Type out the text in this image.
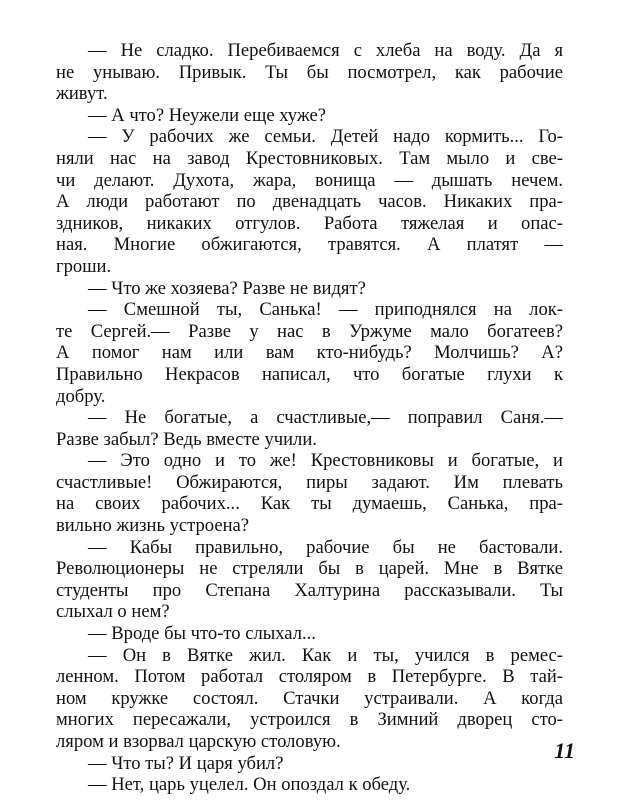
— Не сладко. Перебиваемся с хлеба на воду. Да я
не унываю. Привык. Ты бы посмотрел, как рабочие
живут.
— А что? Неужели еще хуже?
— У рабочих же семьи. Детей надо кормить... Го-
няли нас на завод Крестовниковых. Там мыло и све-
чи делают. Духота, жара, вонища — дышать нечем.
А люди работают по двенадцать часов. Никаких пра-
здников, никаких отгулов. Работа тяжелая и опас-
ная. Многие обжигаются, травятся. А платят —
гроши.
— Что же хозяева? Разве не видят?
— Смешной ты, Санька! — приподнялся на лок-
те Сергей.— Разве у нас в Уржуме мало богатеев?
А помог нам или вам кто-нибудь? Молчишь? А?
Правильно Некрасов написал, что богатые глухи к
добру.
— Не богатые, а счастливые,— поправил Саня.—
Разве забыл? Ведь вместе учили.
— Это одно и то же! Крестовниковы и богатые, и
счастливые! Обжираются, пиры задают. Им плевать
на своих рабочих... Как ты думаешь, Санька, пра-
вильно жизнь устроена?
— Кабы правильно, рабочие бы не бастовали.
Революционеры не стреляли бы в царей. Мне в Вятке
студенты про Степана Халтурина рассказывали. Ты
слыхал о нем?
— Вроде бы что-то слыхал...
— Он в Вятке жил. Как и ты, учился в ремес-
ленном. Потом работал столяром в Петербурге. В тай-
ном кружке состоял. Стачки устраивали. А когда
многих пересажали, устроился в Зимний дворец сто-
ляром и взорвал царскую столовую.
— Что ты? И царя убил?
— Нет, царь уцелел. Он опоздал к обеду.
11
